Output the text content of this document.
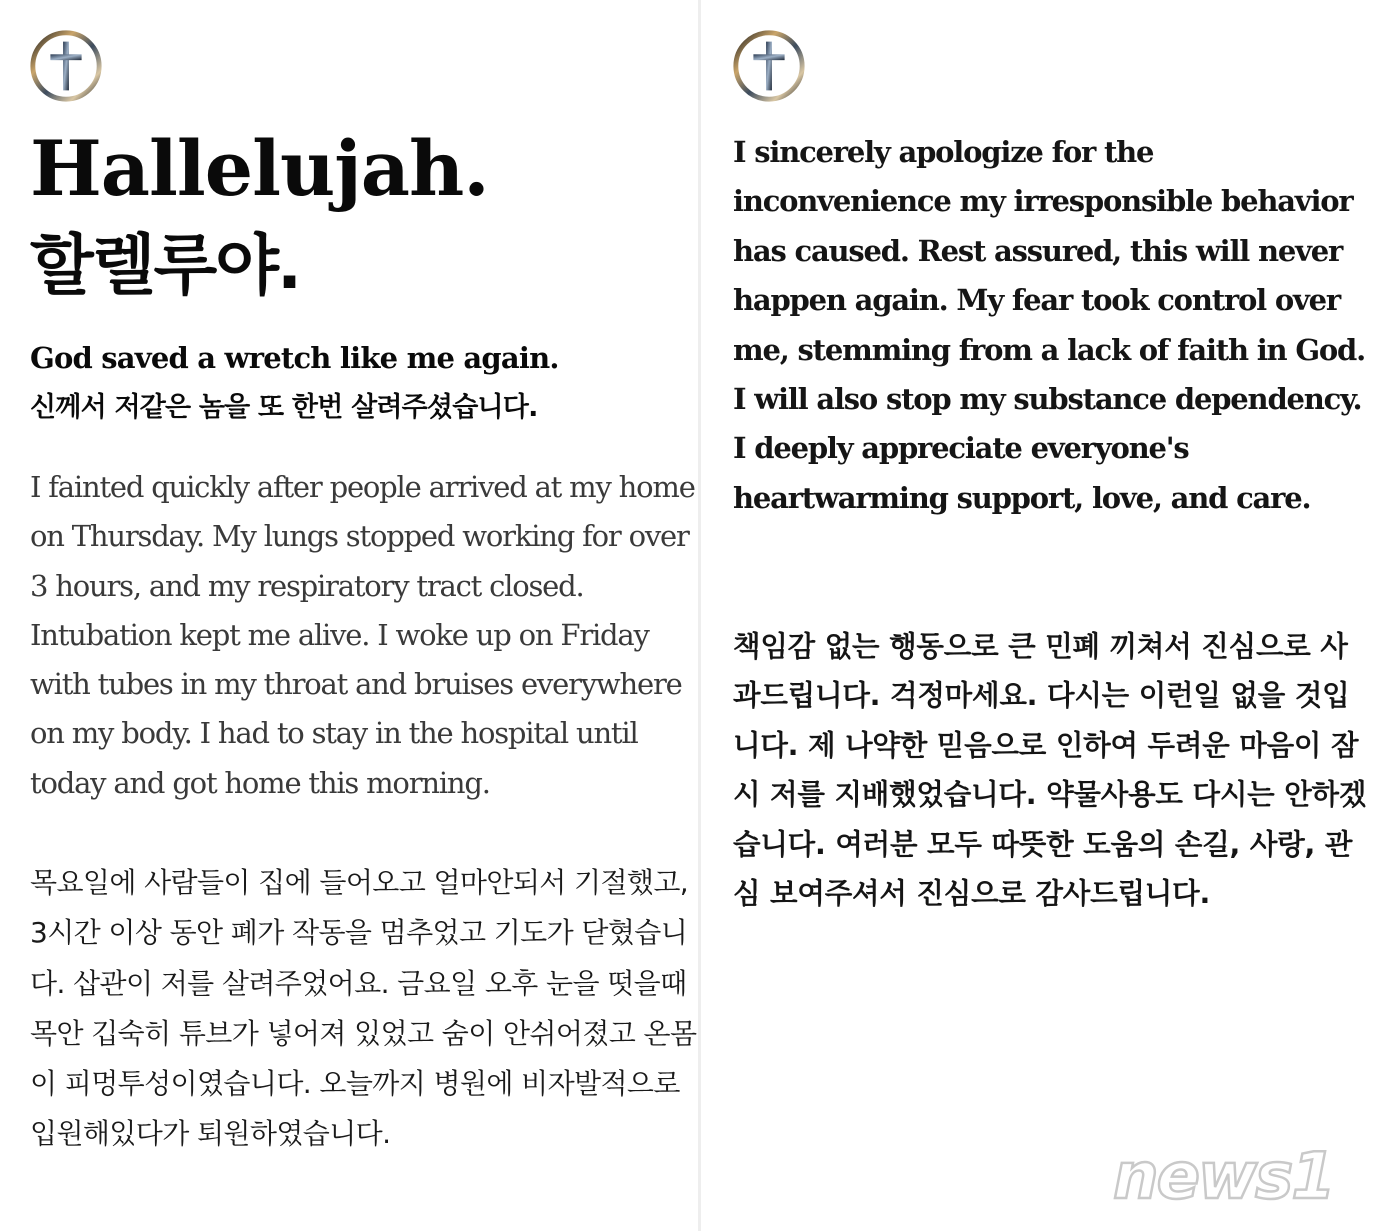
Hallelujah.
할렐루야.

God saved a wretch like me again.

신께서 저같은 놈을 또 한번 살려주셨습니다.

I fainted quickly after people arrived at my home on Thursday. My lungs stopped working for over 3 hours, and my respiratory tract closed. Intubation kept me alive. I woke up on Friday with tubes in my throat and bruises everywhere on my body. I had to stay in the hospital until today and got home this morning.

목요일에 사람들이 집에 들어오고 얼마안되서 기절했고, 3시간 이상 동안 폐가 작동을 멈추었고 기도가 닫혔습니다. 삽관이 저를 살려주었어요. 금요일 오후 눈을 떳을때 목안 깁숙히 튜브가 넣어져 있었고 숨이 안쉬어졌고 온몸이 피멍투성이였습니다. 오늘까지 병원에 비자발적으로 입원해있다가 퇴원하였습니다.

I sincerely apologize for the inconvenience my irresponsible behavior has caused. Rest assured, this will never happen again. My fear took control over me, stemming from a lack of faith in God. I will also stop my substance dependency. I deeply appreciate everyone's heartwarming support, love, and care.

책임감 없는 행동으로 큰 민폐 끼쳐서 진심으로 사과드립니다. 걱정마세요. 다시는 이런일 없을 것입니다. 제 나약한 믿음으로 인하여 두려운 마음이 잠시 저를 지배했었습니다. 약물사용도 다시는 안하겠습니다. 여러분 모두 따뜻한 도움의 손길, 사랑, 관심 보여주셔서 진심으로 감사드립니다.

news1
